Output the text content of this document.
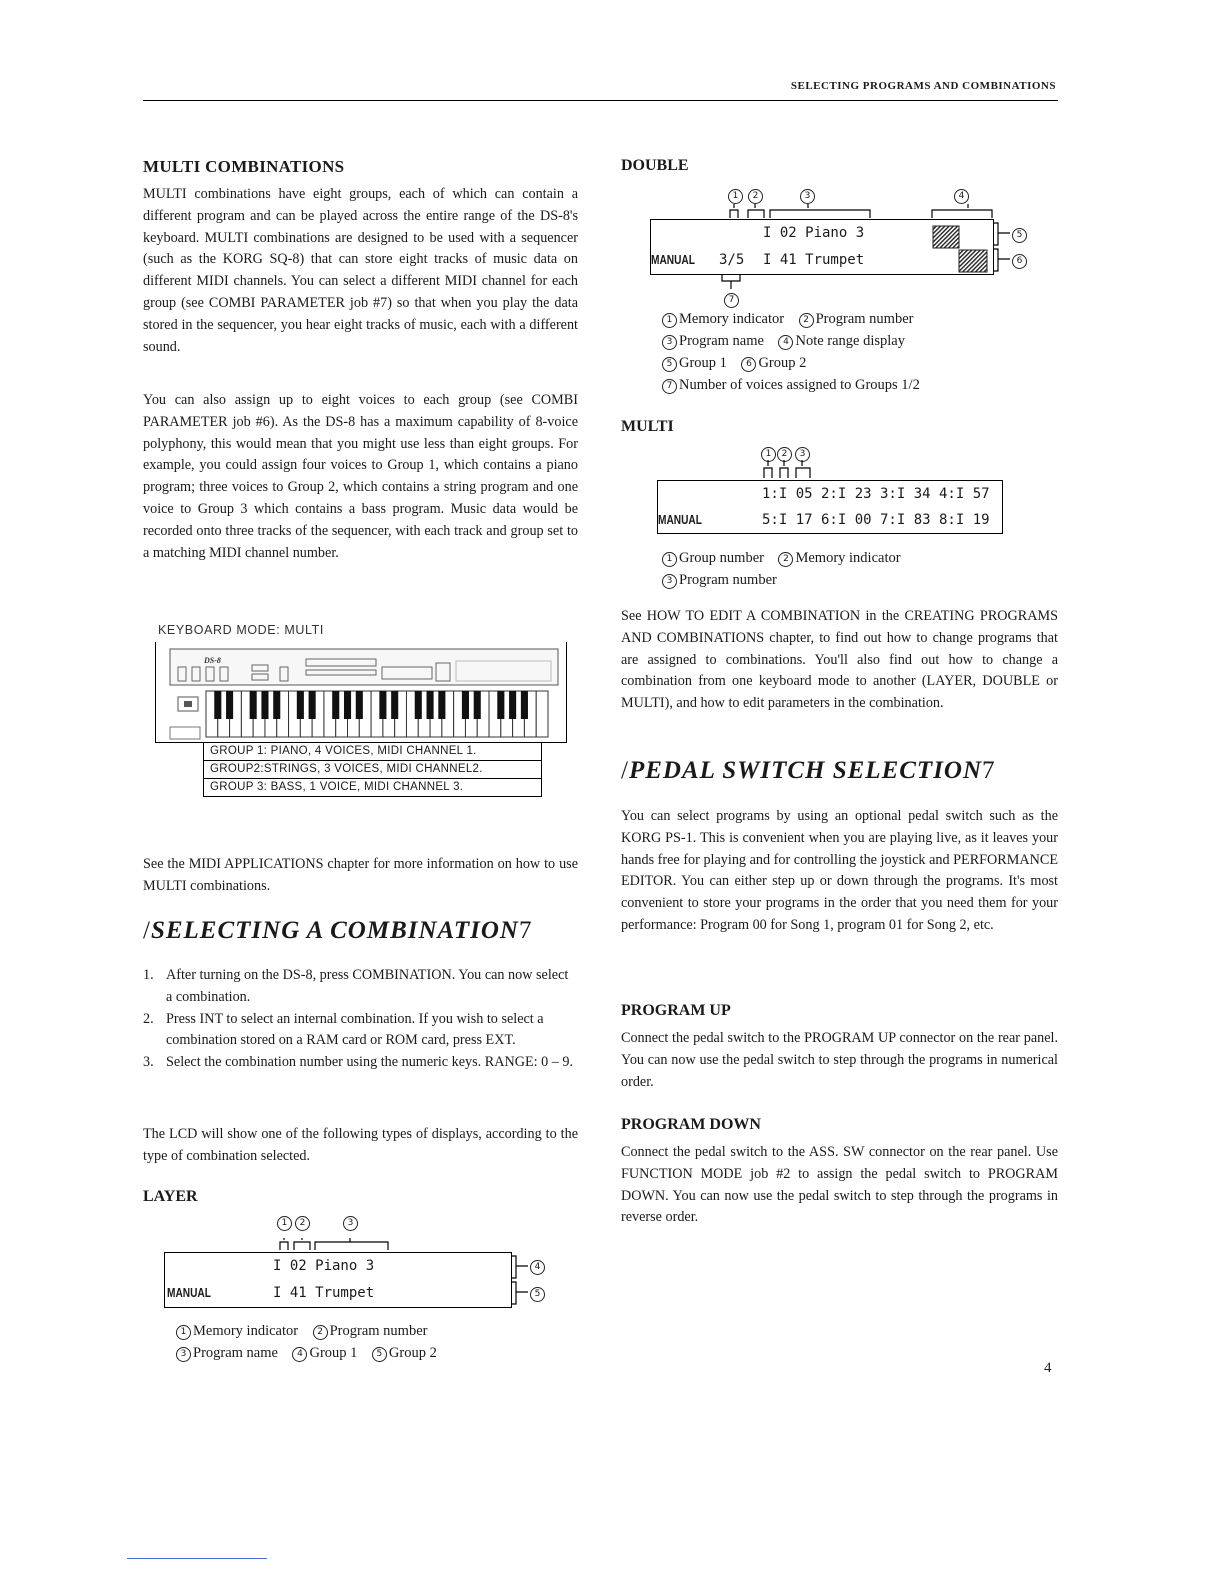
SELECTING PROGRAMS AND COMBINATIONS
MULTI COMBINATIONS

MULTI combinations have eight groups, each of which can contain a different program and can be played across the entire range of the DS-8's keyboard. MULTI combinations are designed to be used with a sequencer (such as the KORG SQ-8) that can store eight tracks of music data on different MIDI channels. You can select a different MIDI channel for each group (see COMBI PARAMETER job #7) so that when you play the data stored in the sequencer, you hear eight tracks of music, each with a different sound.

You can also assign up to eight voices to each group (see COMBI PARAMETER job #6). As the DS-8 has a maximum capability of 8-voice polyphony, this would mean that you might use less than eight groups. For example, you could assign four voices to Group 1, which contains a piano program; three voices to Group 2, which contains a string program and one voice to Group 3 which contains a bass program. Music data would be recorded onto three tracks of the sequencer, with each track and group set to a matching MIDI channel number.

KEYBOARD MODE: MULTI
DS-8
GROUP 1: PIANO, 4 VOICES, MIDI CHANNEL 1.
GROUP2:STRINGS, 3 VOICES, MIDI CHANNEL2.
GROUP 3: BASS, 1 VOICE, MIDI CHANNEL 3.

See the MIDI APPLICATIONS chapter for more information on how to use MULTI combinations.

/SELECTING A COMBINATION7
1. After turning on the DS-8, press COMBINATION. You can now select a combination.
2. Press INT to select an internal combination. If you wish to select a combination stored on a RAM card or ROM card, press EXT.
3. Select the combination number using the numeric keys. RANGE: 0 – 9.

The LCD will show one of the following types of displays, according to the type of combination selected.

LAYER
1	2	3
I 02 Piano 3
MANUAL	I 41 Trumpet
4
5
1 Memory indicator 2 Program number
3 Program name 4 Group 1 5 Group 2
DOUBLE
1	2	3	4
I 02 Piano 3
MANUAL 3/5 I 41 Trumpet
5
6
7
1 Memory indicator 2 Program number
3 Program name 4 Note range display
5 Group 1 6 Group 2
7 Number of voices assigned to Groups 1/2
MULTI
1	2	3
1:I 05 2:I 23 3:I 34 4:I 57
MANUAL	5:I 17 6:I 00 7:I 83 8:I 19
1 Group number 2 Memory indicator
3 Program number

See HOW TO EDIT A COMBINATION in the CREATING PROGRAMS AND COMBINATIONS chapter, to find out how to change programs that are assigned to combinations. You'll also find out how to change a combination from one keyboard mode to another (LAYER, DOUBLE or MULTI), and how to edit parameters in the combination.

/PEDAL SWITCH SELECTION7

You can select programs by using an optional pedal switch such as the KORG PS-1. This is convenient when you are playing live, as it leaves your hands free for playing and for controlling the joystick and PERFORMANCE EDITOR. You can either step up or down through the programs. It's most convenient to store your programs in the order that you need them for your performance: Program 00 for Song 1, program 01 for Song 2, etc.

PROGRAM UP

Connect the pedal switch to the PROGRAM UP connector on the rear panel. You can now use the pedal switch to step through the programs in numerical order.

PROGRAM DOWN

Connect the pedal switch to the ASS. SW connector on the rear panel. Use FUNCTION MODE job #2 to assign the pedal switch to PROGRAM DOWN. You can now use the pedal switch to step through the programs in reverse order.

4
